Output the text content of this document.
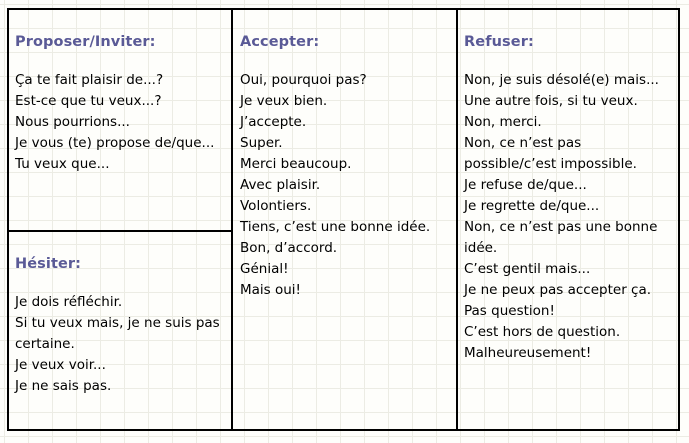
Proposer/Inviter:
Ça te fait plaisir de...?
Est-ce que tu veux...?
Nous pourrions...
Je vous (te) propose de/que...
Tu veux que...
Hésiter:
Je dois réfléchir.
Si tu veux mais, je ne suis pas
certaine.
Je veux voir...
Je ne sais pas.
Accepter:
Oui, pourquoi pas?
Je veux bien.
J’accepte.
Super.
Merci beaucoup.
Avec plaisir.
Volontiers.
Tiens, c’est une bonne idée.
Bon, d’accord.
Génial!
Mais oui!
Refuser:
Non, je suis désolé(e) mais...
Une autre fois, si tu veux.
Non, merci.
Non, ce n’est pas
possible/c’est impossible.
Je refuse de/que...
Je regrette de/que...
Non, ce n’est pas une bonne
idée.
C’est gentil mais...
Je ne peux pas accepter ça.
Pas question!
C’est hors de question.
Malheureusement!
